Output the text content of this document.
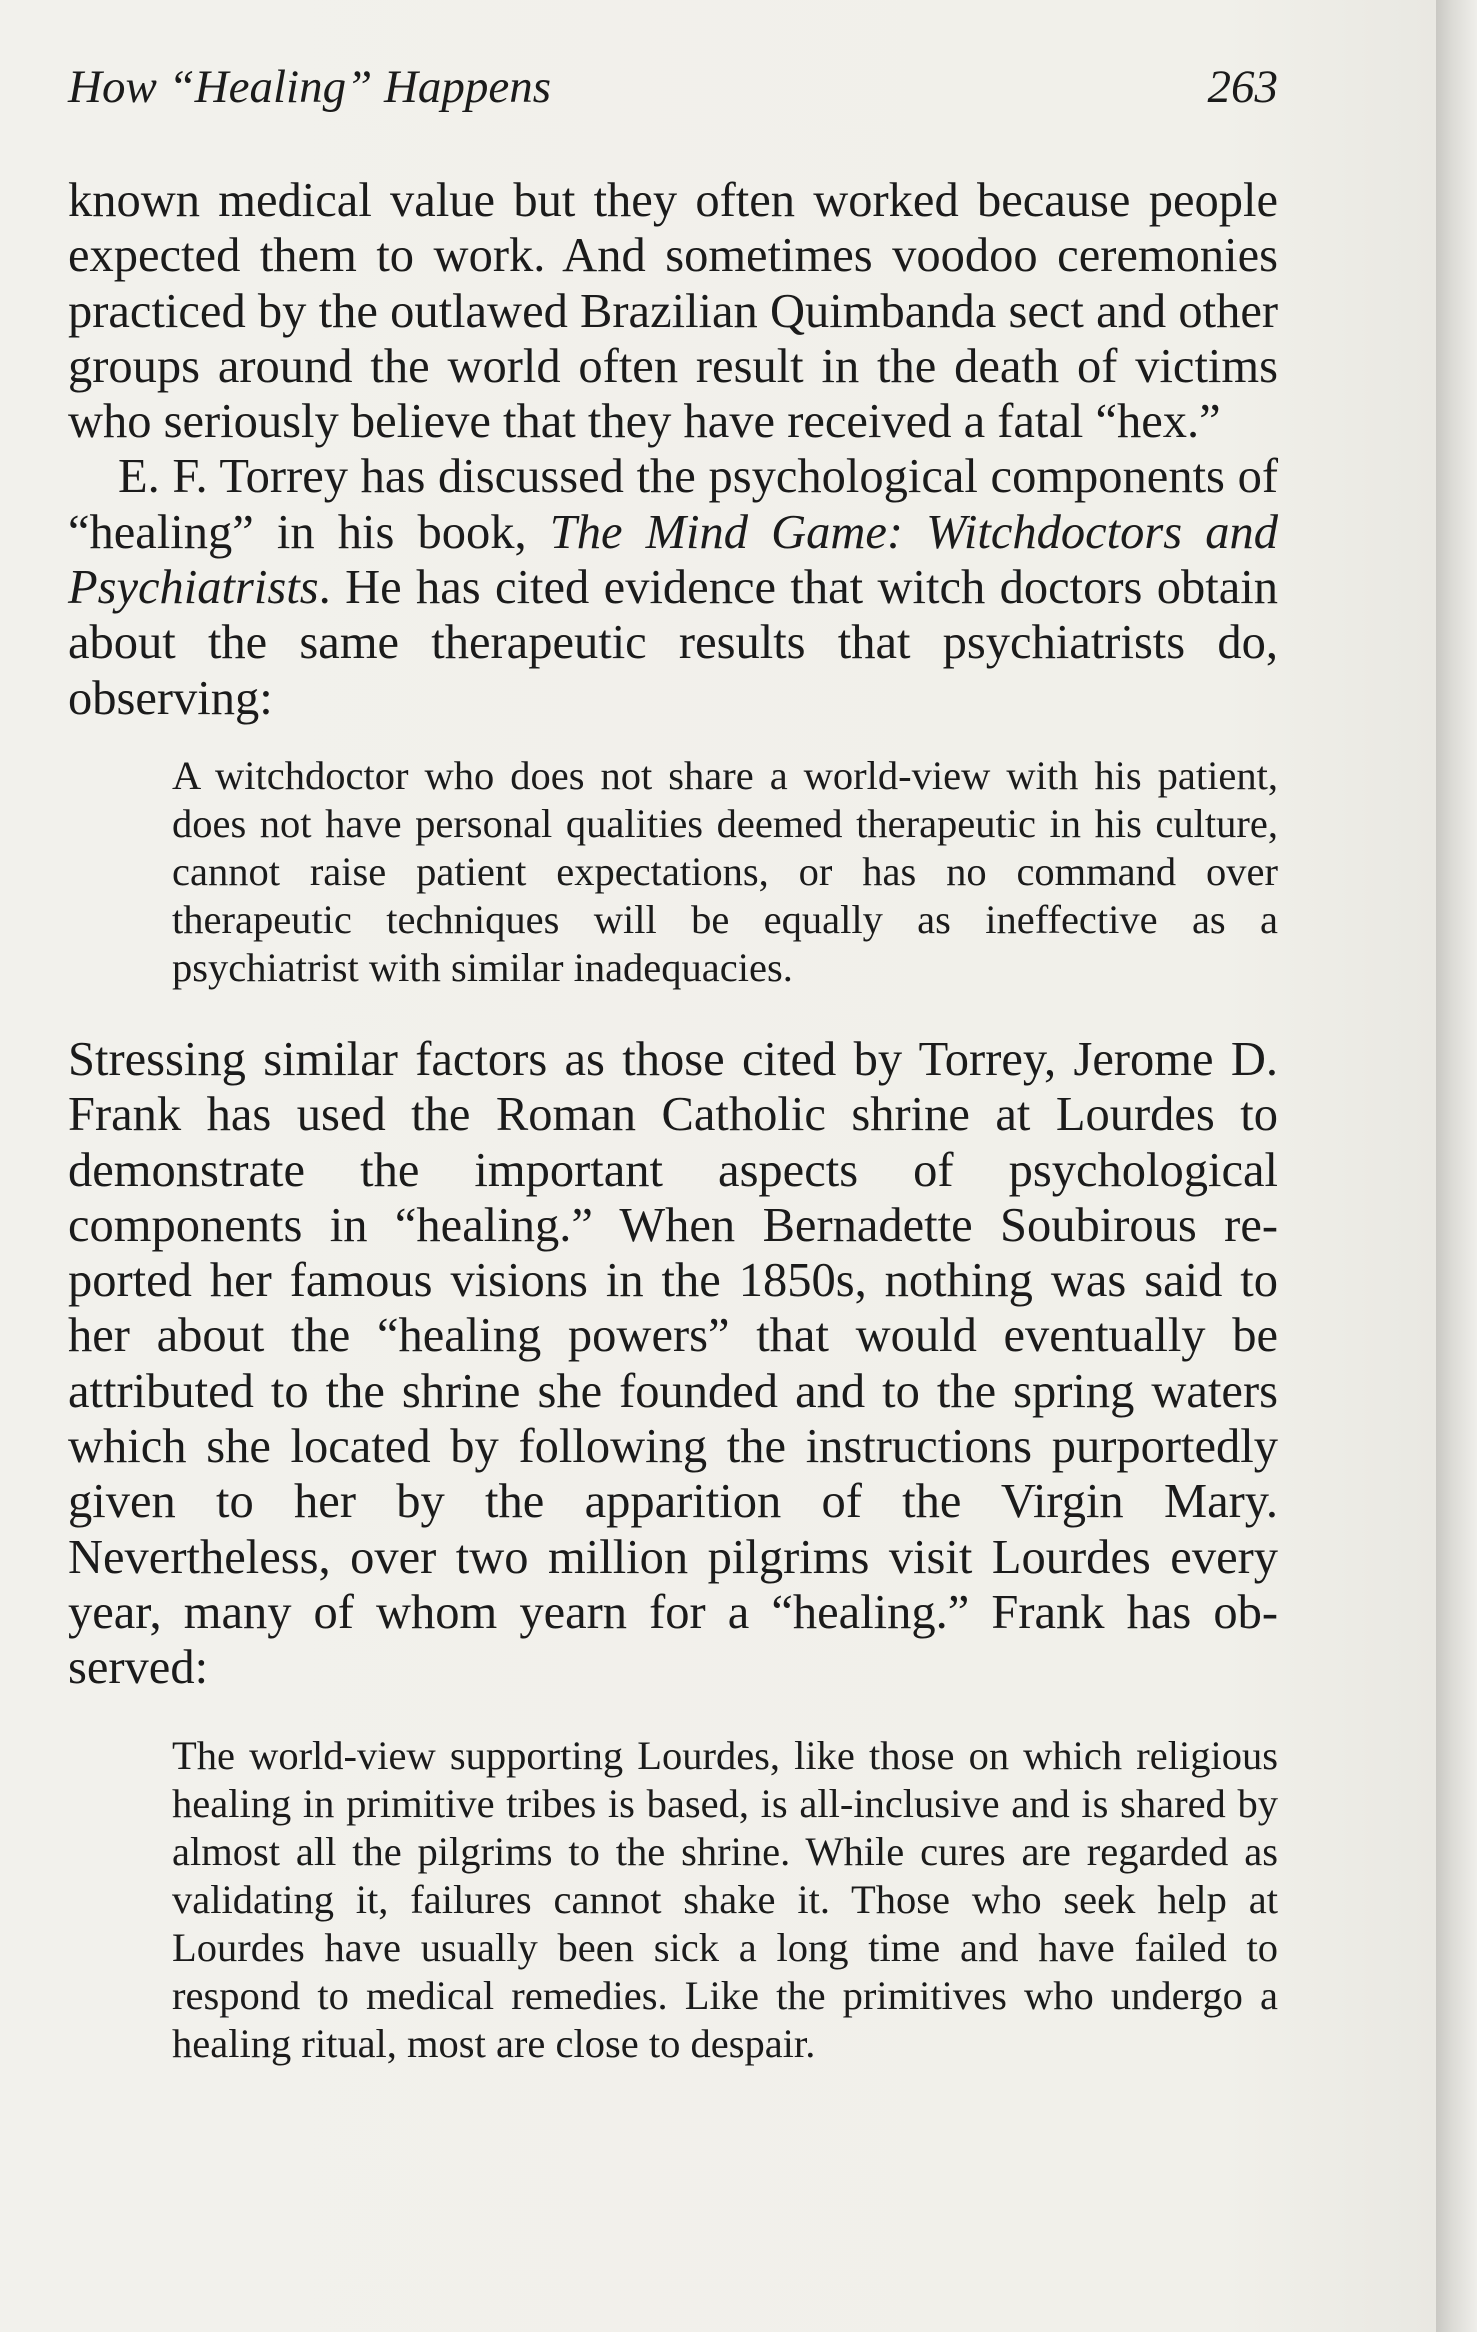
How “Healing” Happens	263

known medical value but they often worked because people expected them to work. And sometimes voodoo ceremonies practiced by the outlawed Brazilian Quimbanda sect and other groups around the world often result in the death of victims who seriously believe that they have received a fatal “hex.”

E. F. Torrey has discussed the psychological components of “healing” in his book, The Mind Game: Witchdoctors and Psychiatrists. He has cited evidence that witch doctors obtain about the same therapeutic results that psychiatrists do, observing:

A witchdoctor who does not share a world-view with his patient, does not have personal qualities deemed therapeutic in his culture, cannot raise patient expectations, or has no command over therapeutic techniques will be equally as ineffective as a psychiatrist with similar inadequacies.

Stressing similar factors as those cited by Torrey, Jerome D. Frank has used the Roman Catholic shrine at Lourdes to demonstrate the important aspects of psychological components in “healing.” When Bernadette Soubirous reported her famous visions in the 1850s, nothing was said to her about the “healing powers” that would eventually be attributed to the shrine she founded and to the spring waters which she located by following the instructions purportedly given to her by the apparition of the Virgin Mary. Nevertheless, over two million pilgrims visit Lourdes every year, many of whom yearn for a “healing.” Frank has observed:

The world-view supporting Lourdes, like those on which religious healing in primitive tribes is based, is all-inclusive and is shared by almost all the pilgrims to the shrine. While cures are regarded as validating it, failures cannot shake it. Those who seek help at Lourdes have usually been sick a long time and have failed to respond to medical remedies. Like the primitives who undergo a healing ritual, most are close to despair.
